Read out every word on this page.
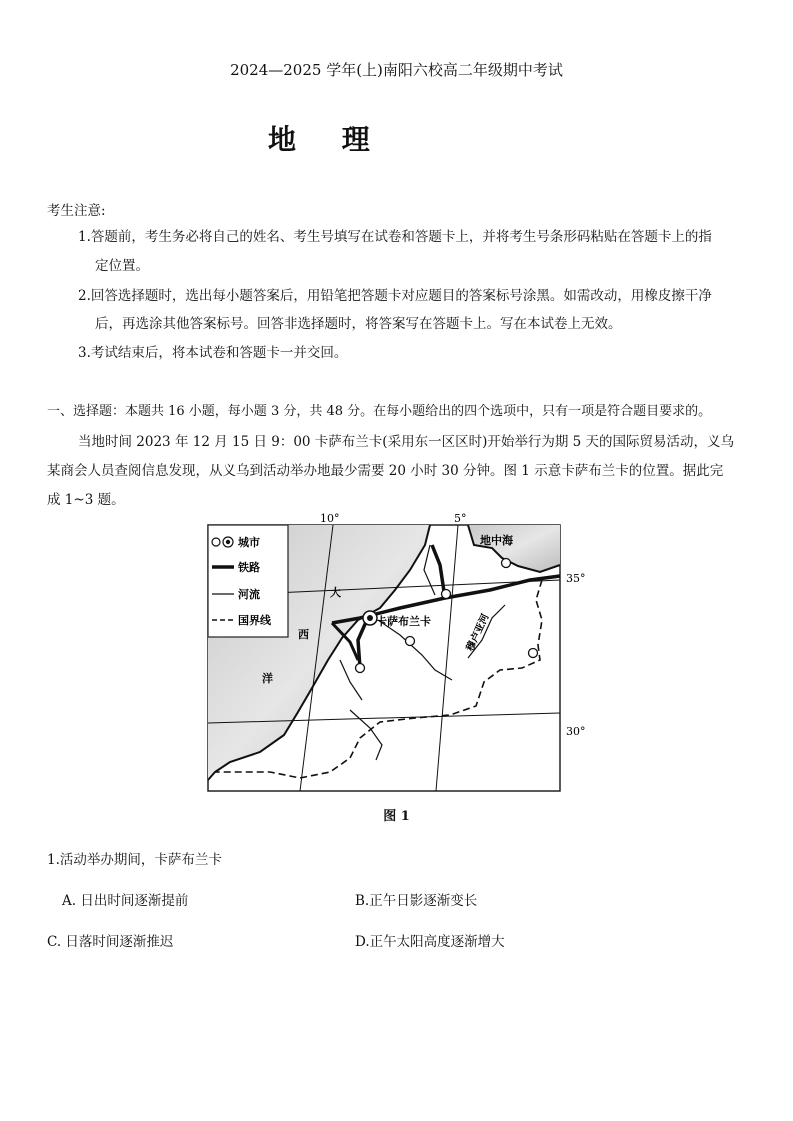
2024—2025 学年(上)南阳六校高二年级期中考试
地 理
考生注意:
1.答题前，考生务必将自己的姓名、考生号填写在试卷和答题卡上，并将考生号条形码粘贴在答题卡上的指
定位置。
2.回答选择题时，选出每小题答案后，用铅笔把答题卡对应题目的答案标号涂黑。如需改动，用橡皮擦干净
后，再选涂其他答案标号。回答非选择题时，将答案写在答题卡上。写在本试卷上无效。
3.考试结束后，将本试卷和答题卡一并交回。
一、选择题：本题共 16 小题，每小题 3 分，共 48 分。在每小题给出的四个选项中，只有一项是符合题目要求的。
当地时间 2023 年 12 月 15 日 9：00 卡萨布兰卡(采用东一区区时)开始举行为期 5 天的国际贸易活动，义乌
某商会人员查阅信息发现，从义乌到活动举办地最少需要 20 小时 30 分钟。图 1 示意卡萨布兰卡的位置。据此完
成 1~3 题。
城市
铁路
河流
国界线
10°	5°
35°
30°
地中海
大
西
洋
卡萨布兰卡	穆卢亚河
图 1
1.活动举办期间，卡萨布兰卡
A. 日出时间逐渐提前	B.正午日影逐渐变长
C. 日落时间逐渐推迟	D.正午太阳高度逐渐增大
